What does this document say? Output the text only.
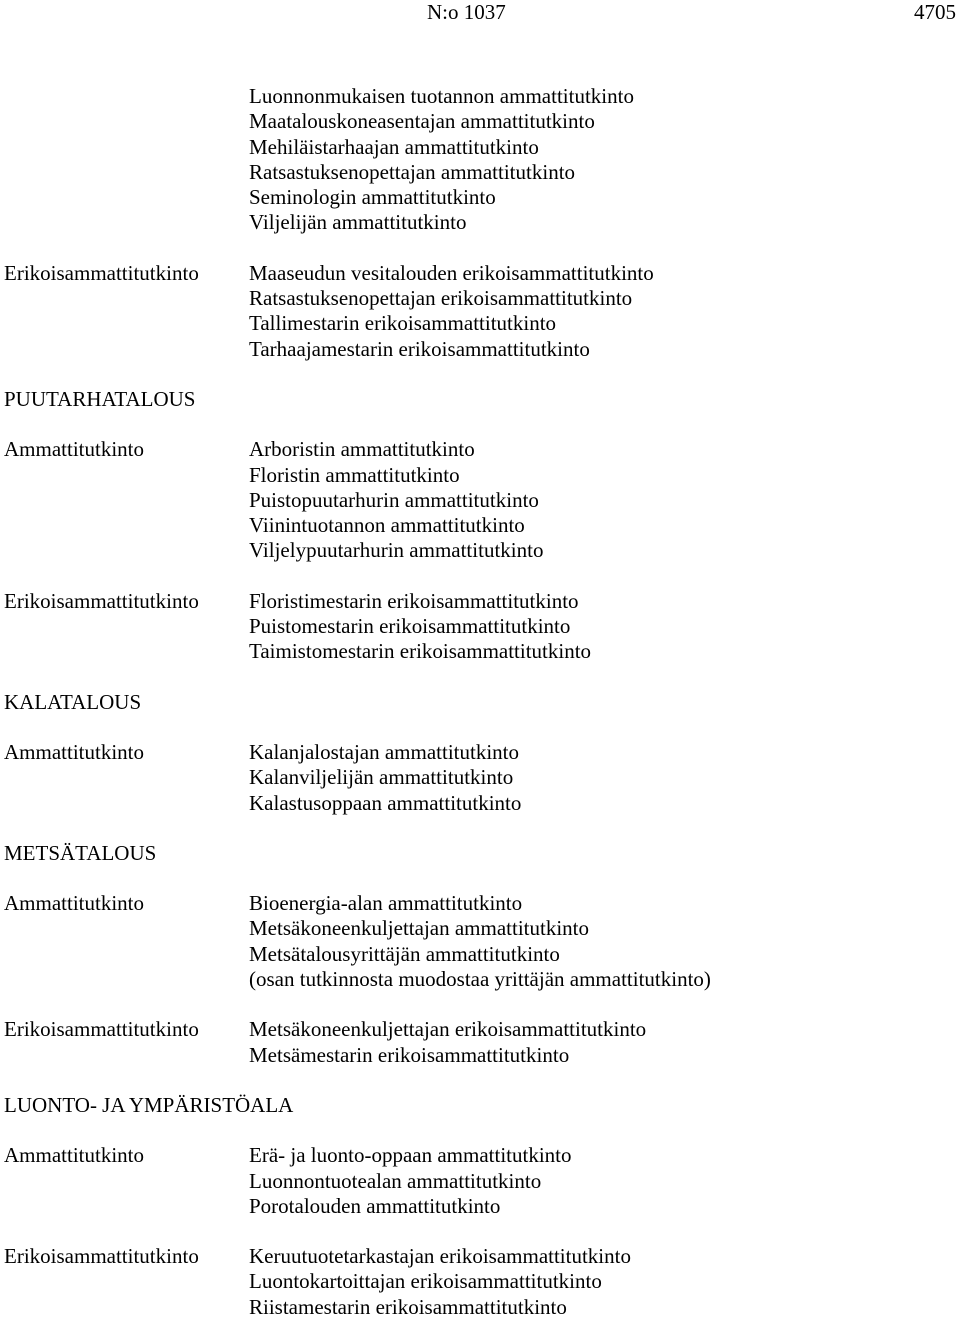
N:o 1037	4705
Luonnonmukaisen tuotannon ammattitutkinto
Maatalouskoneasentajan ammattitutkinto
Mehiläistarhaajan ammattitutkinto
Ratsastuksenopettajan ammattitutkinto
Seminologin ammattitutkinto
Viljelijän ammattitutkinto
Erikoisammattitutkinto	Maaseudun vesitalouden erikoisammattitutkinto
Ratsastuksenopettajan erikoisammattitutkinto
Tallimestarin erikoisammattitutkinto
Tarhaajamestarin erikoisammattitutkinto
PUUTARHATALOUS
Ammattitutkinto	Arboristin ammattitutkinto
Floristin ammattitutkinto
Puistopuutarhurin ammattitutkinto
Viinintuotannon ammattitutkinto
Viljelypuutarhurin ammattitutkinto
Erikoisammattitutkinto	Floristimestarin erikoisammattitutkinto
Puistomestarin erikoisammattitutkinto
Taimistomestarin erikoisammattitutkinto
KALATALOUS
Ammattitutkinto	Kalanjalostajan ammattitutkinto
Kalanviljelijän ammattitutkinto
Kalastusoppaan ammattitutkinto
METSÄTALOUS
Ammattitutkinto	Bioenergia-alan ammattitutkinto
Metsäkoneenkuljettajan ammattitutkinto
Metsätalousyrittäjän ammattitutkinto
(osan tutkinnosta muodostaa yrittäjän ammattitutkinto)
Erikoisammattitutkinto	Metsäkoneenkuljettajan erikoisammattitutkinto
Metsämestarin erikoisammattitutkinto
LUONTO- JA YMPÄRISTÖALA
Ammattitutkinto	Erä- ja luonto-oppaan ammattitutkinto
Luonnontuotealan ammattitutkinto
Porotalouden ammattitutkinto
Erikoisammattitutkinto	Keruutuotetarkastajan erikoisammattitutkinto
Luontokartoittajan erikoisammattitutkinto
Riistamestarin erikoisammattitutkinto
